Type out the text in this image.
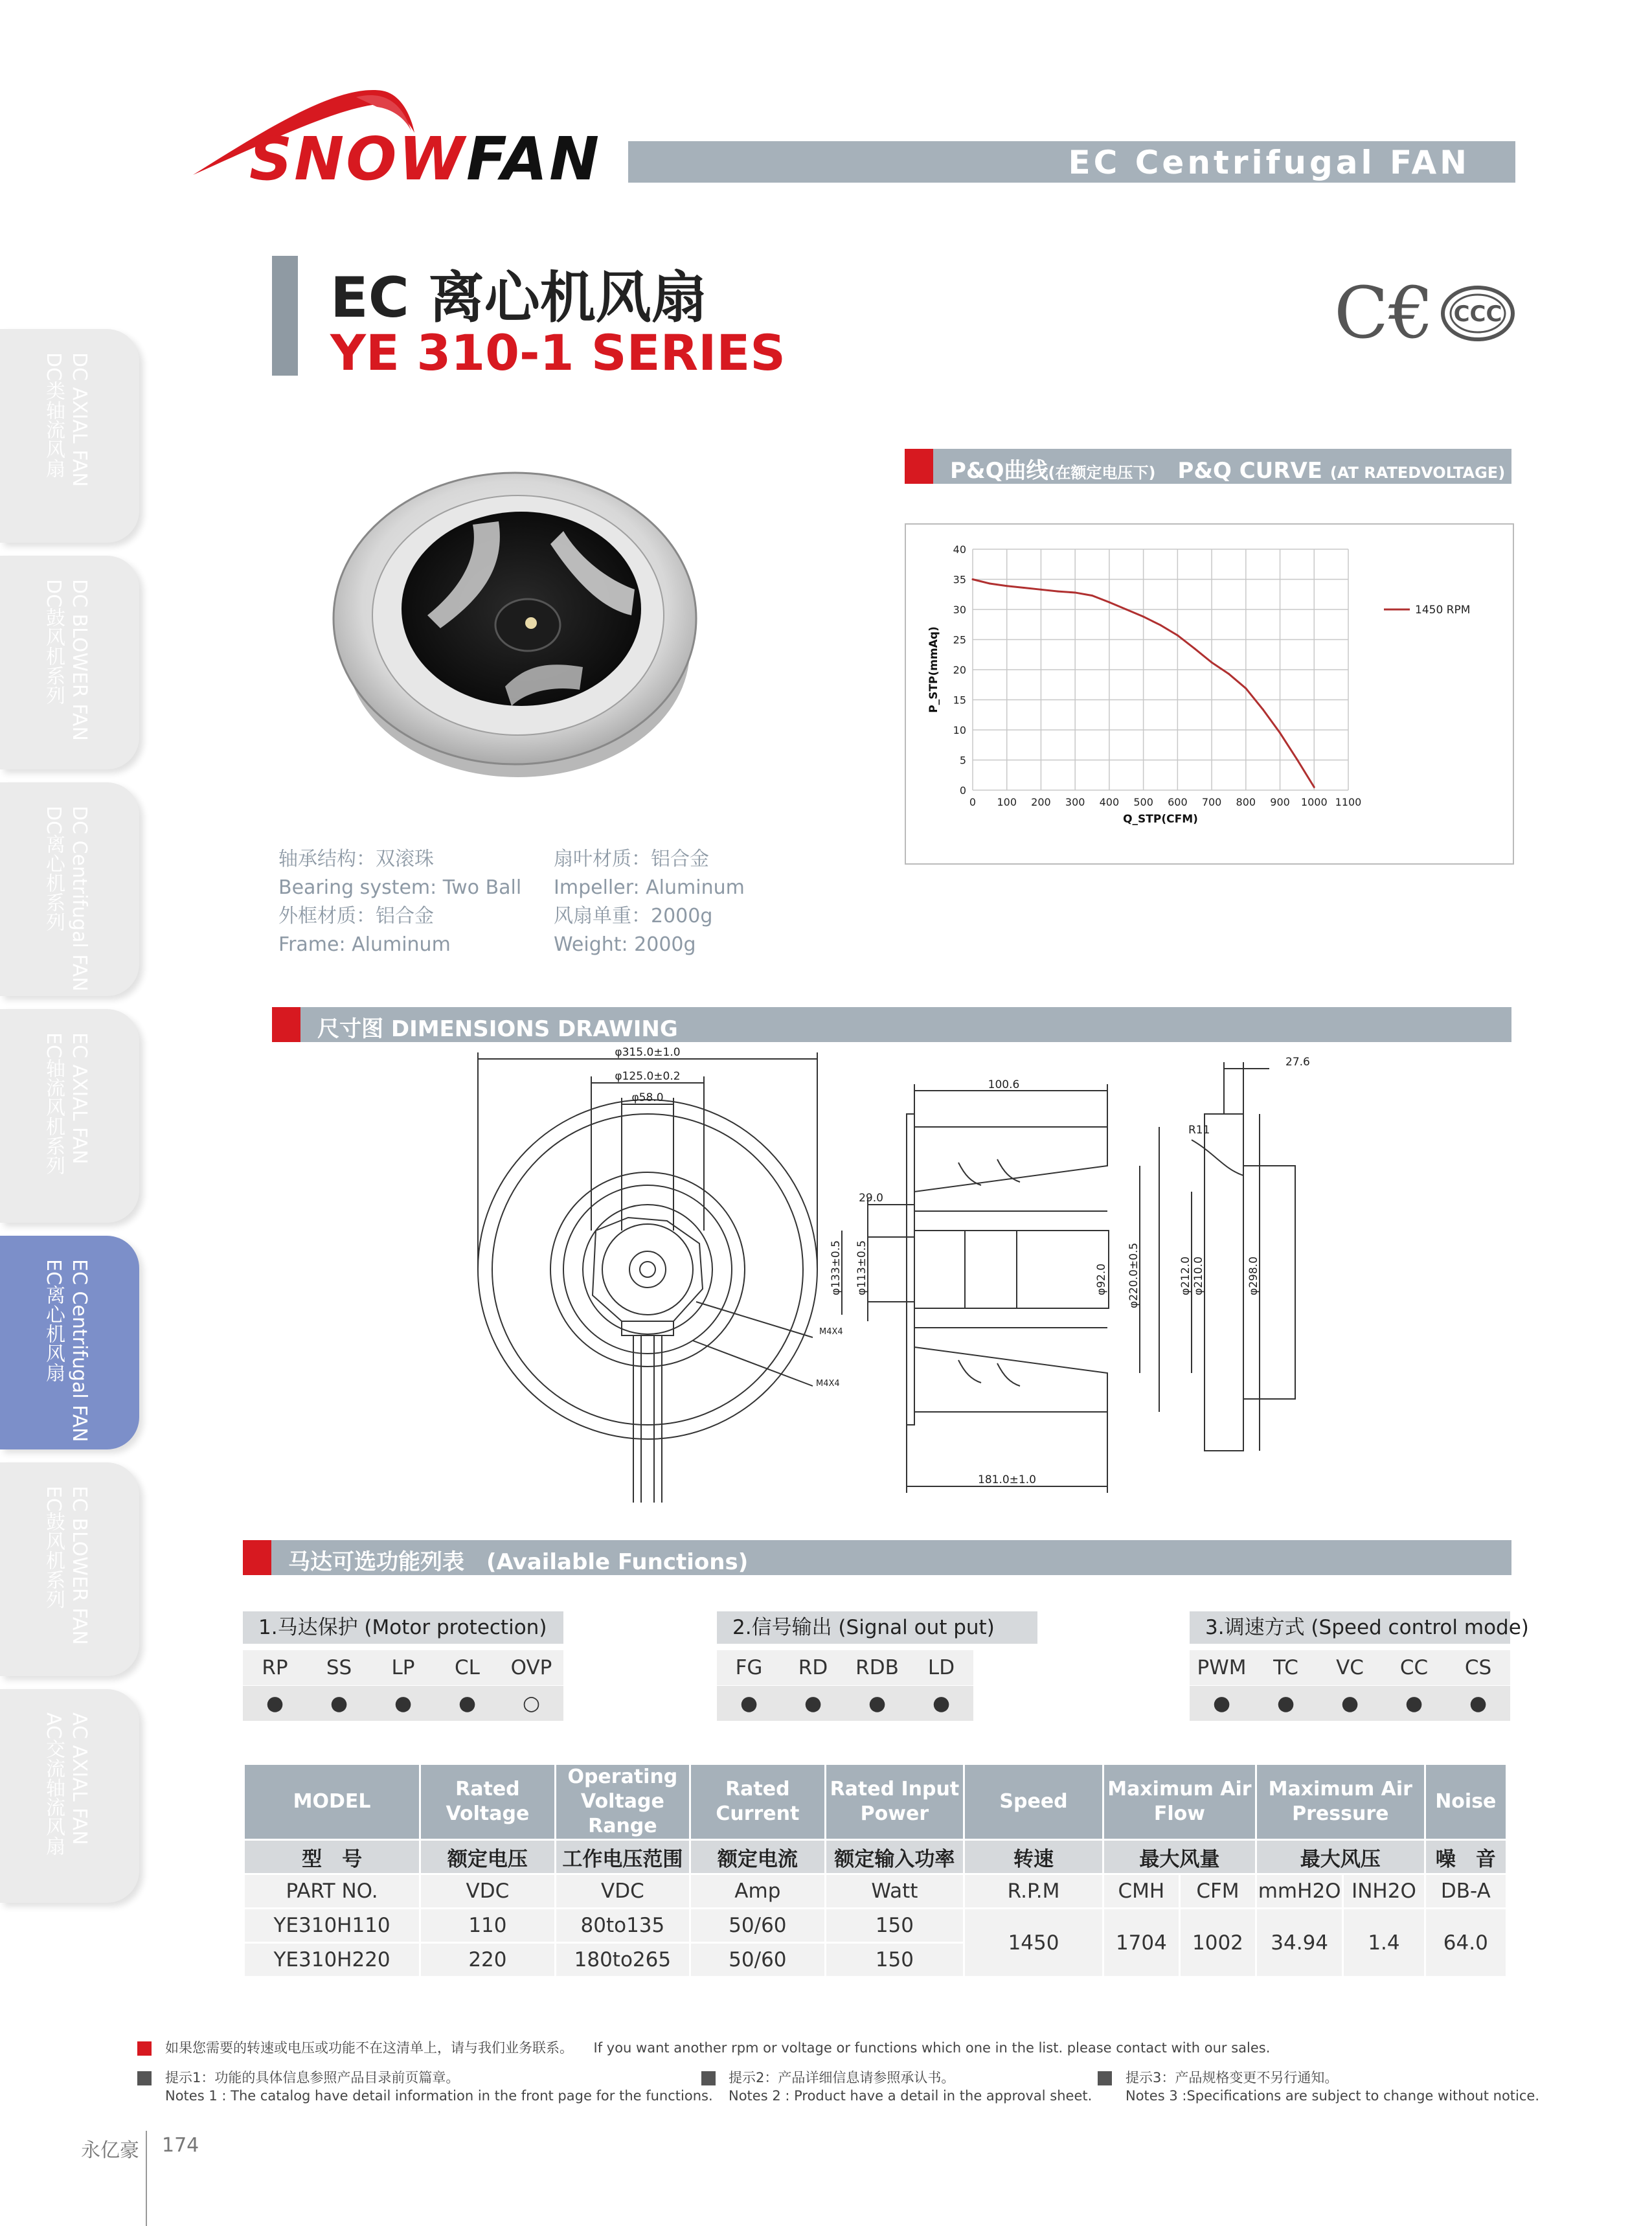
SNOWFAN	EC Centrifugal FAN
EC 离心机风扇
YE 310-1 SERIES	C€ CCC
DC AXIAL FAN
DC类轴流风扇
DC BLOWER FAN
DC鼓风机系列
DC Centrifugal FAN
DC离心机系列
EC AXIAL FAN
EC轴流风机系列
EC Centrifugal FAN
EC离心机风扇
EC BLOWER FAN
EC鼓风机系列
AC AXIAL FAN
AC交流轴流风扇
轴承结构：双滚珠
Bearing system: Two Ball
外框材质：铝合金
Frame: Aluminum
扇叶材质：铝合金
Impeller: Aluminum
风扇单重：2000g
Weight: 2000g
P&Q曲线(在额定电压下)　 P&Q CURVE (AT RATEDVOLTAGE)
0 100 200 300 400 500 600 700 800 900 1000 1100
0
5
10
15
20
25
30
35
40
Q_STP(CFM)
P_STP(mmAq)
1450 RPM
尺寸图 DIMENSIONS DRAWING
φ315.0±1.0
φ125.0±0.2
φ58.0
29.0
100.6
M4X4
M4X4
181.0±1.0
R11
27.6
φ133±0.5 φ113±0.5	φ92.0 φ220.0±0.5	φ212.0 φ210.0	φ298.0
马达可选功能列表　 (Available Functions)
1.马达保护 (Motor protection)
RP	SS	LP	CL	OVP
●	●	●	●	○
2.信号输出 (Signal out put)
FG	RD	RDB	LD
●	●	●	●
3.调速方式 (Speed control mode)
PWM	TC	VC	CC	CS
●	●	●	●	●
MODEL	Rated Voltage	Operating Voltage Range	Rated Current	Rated Input Power	Speed	Maximum Air Flow		Maximum Air Pressure		Noise
型　号	额定电压	工作电压范围	额定电流	额定输入功率	转速	最大风量		最大风压		噪　音
PART NO.	VDC	VDC	Amp	Watt	R.P.M	CMH	CFM	mmH2O	INH2O	DB-A
YE310H110	110	80to135	50/60	150	1450	1704	1002	34.94	1.4	64.0
YE310H220	220	180to265	50/60	150						
如果您需要的转速或电压或功能不在这清单上，请与我们业务联系。　　 If you want another rpm or voltage or functions which one in the list. please contact with our sales.
提示1：功能的具体信息参照产品目录前页篇章。
Notes 1 : The catalog have detail information in the front page for the functions.
提示2：产品详细信息请参照承认书。
Notes 2 : Product have a detail in the approval sheet.
提示3：产品规格变更不另行通知。
Notes 3 :Specifications are subject to change without notice.
永亿豪 174
